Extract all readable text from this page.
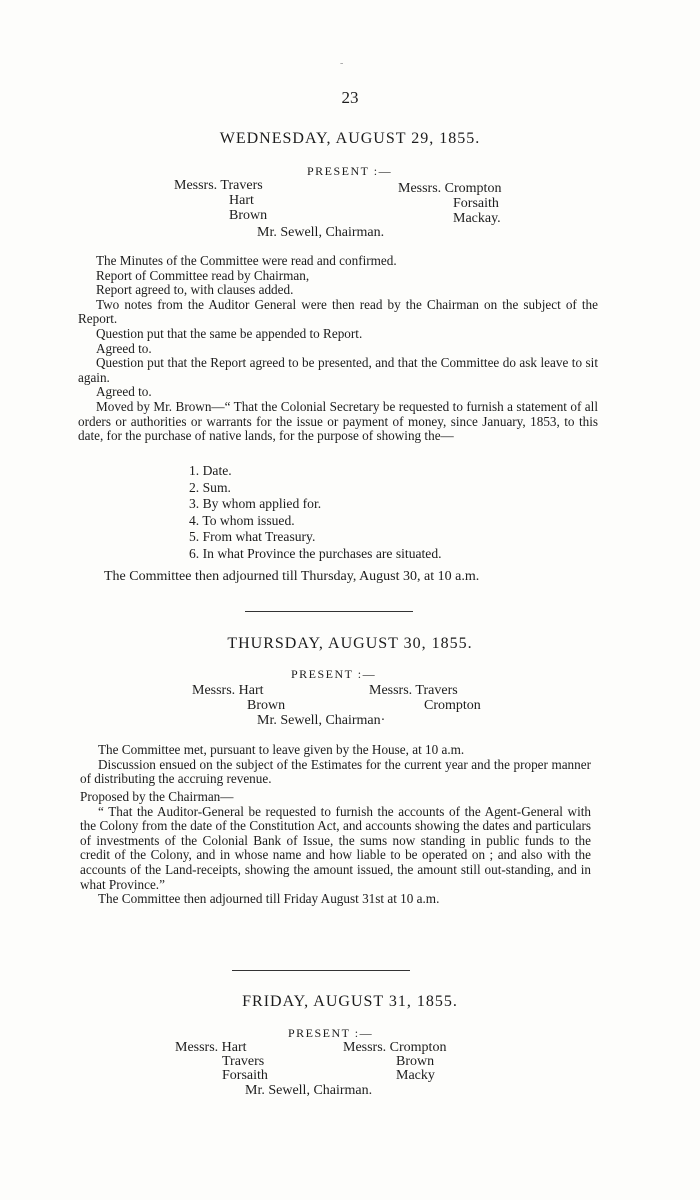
-
23
WEDNESDAY, AUGUST 29, 1855.
PRESENT :—
Messrs. Travers
Hart
Brown
Messrs. Crompton
Forsaith
Mackay.
Mr. Sewell, Chairman.

The Minutes of the Committee were read and confirmed.

Report of Committee read by Chairman,

Report agreed to, with clauses added.

Two notes from the Auditor General were then read by the Chairman on the subject of the Report.

Question put that the same be appended to Report.

Agreed to.

Question put that the Report agreed to be presented, and that the Committee do ask leave to sit again.

Agreed to.

Moved by Mr. Brown—“ That the Colonial Secretary be requested to furnish a statement of all orders or authorities or warrants for the issue or payment of money, since January, 1853, to this date, for the purchase of native lands, for the purpose of showing the—

1. Date.
2. Sum.
3. By whom applied for.
4. To whom issued.
5. From what Treasury.
6. In what Province the purchases are situated.
The Committee then adjourned till Thursday, August 30, at 10 a.m.
THURSDAY, AUGUST 30, 1855.
PRESENT :—
Messrs. Hart
Brown
Messrs. Travers
Crompton
Mr. Sewell, Chairman·

The Committee met, pursuant to leave given by the House, at 10 a.m.

Discussion ensued on the subject of the Estimates for the current year and the proper manner of distributing the accruing revenue.

Proposed by the Chairman—

“ That the Auditor-General be requested to furnish the accounts of the Agent-General with the Colony from the date of the Constitution Act, and accounts showing the dates and particulars of investments of the Colonial Bank of Issue, the sums now standing in public funds to the credit of the Colony, and in whose name and how liable to be operated on ; and also with the accounts of the Land-receipts, showing the amount issued, the amount still out-standing, and in what Province.”

The Committee then adjourned till Friday August 31st at 10 a.m.

FRIDAY, AUGUST 31, 1855.
PRESENT :—
Messrs. Hart
Travers
Forsaith
Messrs. Crompton
Brown
Macky
Mr. Sewell, Chairman.
